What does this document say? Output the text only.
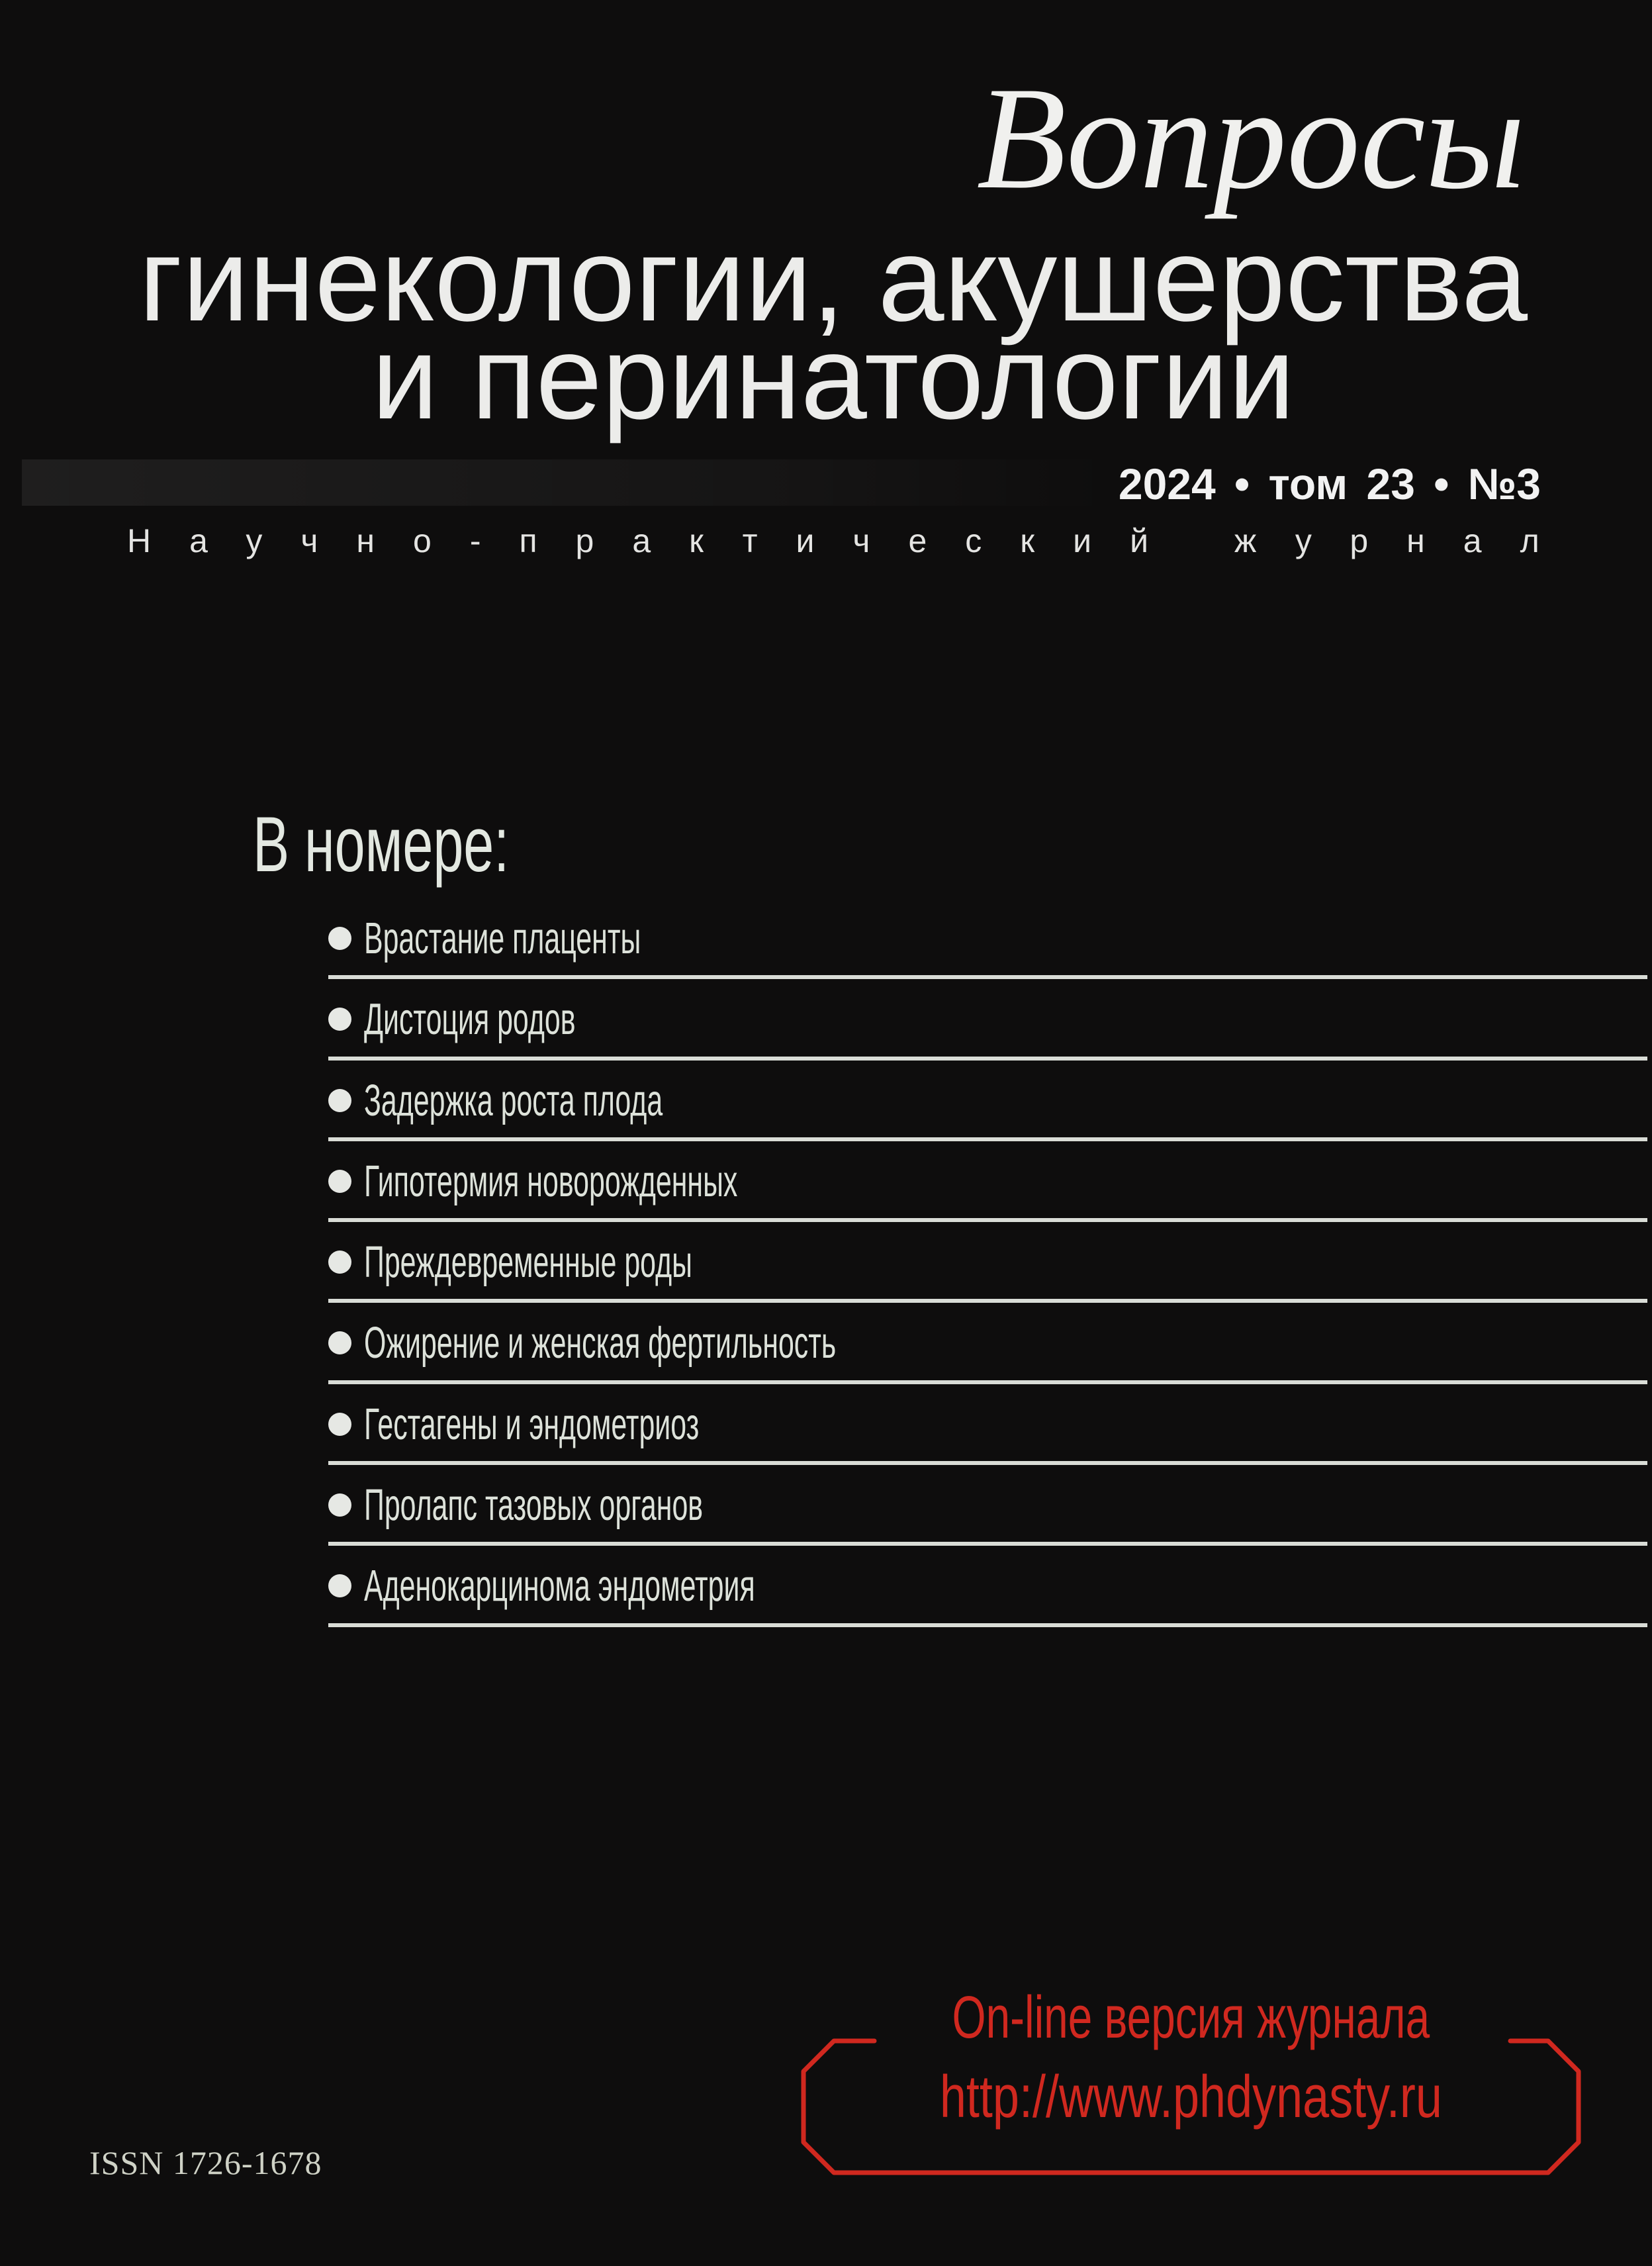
Вопросы
гинекологии, акушерства
и перинатологии
2024 • том 23 • №3
Научно-практический журнал
В номере:
Врастание плаценты
Дистоция родов
Задержка роста плода
Гипотермия новорожденных
Преждевременные роды
Ожирение и женская фертильность
Гестагены и эндометриоз
Пролапс тазовых органов
Аденокарцинома эндометрия
ISSN 1726-1678
On-line версия журнала
http://www.phdynasty.ru
